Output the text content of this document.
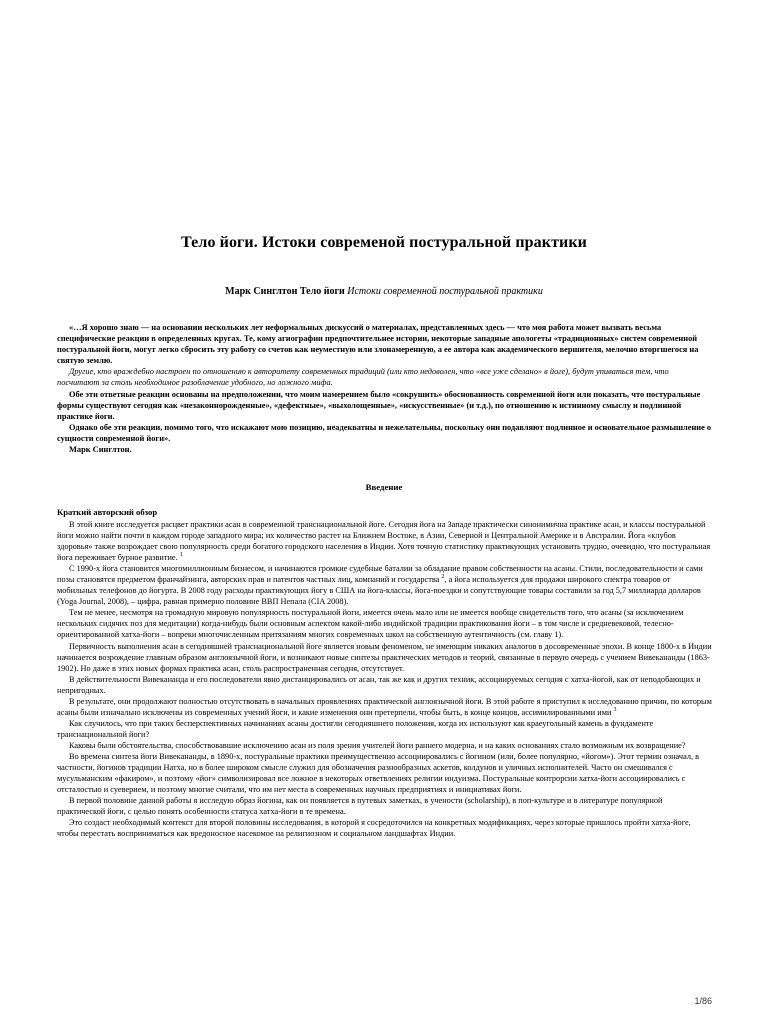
Тело йоги. Истоки современой постуральной практики
Марк Синглтон Тело йоги Истоки современной постуральной практики

«…Я хорошо знаю — на основании нескольких лет неформальных дискуссий о материалах, представленных здесь — что моя работа может вызвать весьма специфические реакции в определенных кругах. Те, кому агиографии предпочтительнее истории, некоторые западные апологеты «традиционных» систем современной постуральной йоги, могут легко сбросить эту работу со счетов как неуместную или злонамеренную, а ее автора как академического вершителя, мелочно вторгшегося на святую землю.

Другие, кто враждебно настроен по отношению к авторитету современных традиций (или кто недоволен, что «все уже сделано» в йоге), будут упиваться тем, что посчитают за столь необходимое разоблачение удобного, но ложного мифа.

Обе эти ответные реакции основаны на предположении, что моим намерением было «сокрушить» обоснованность современной йоги или показать, что постуральные формы существуют сегодня как «незаконнорожденные», «дефектные», «выхолощенные», «искусственные» (и т.д.), по отношению к истинному смыслу и подлинной практике йоги.

Однако обе эти реакции, помимо того, что искажают мою позицию, неадекватны и нежелательны, поскольку они подавляют подлинное и основательное размышление о сущности современной йоги».

Марк Синглтон.

Введение
Краткий авторский обзор

В этой книге исследуется расцвет практики асан в современной транснациональной йоге. Сегодня йога на Западе практически синонимична практике асан, и классы постуральной йоги можно найти почти в каждом городе западного мира; их количество растет на Ближнем Востоке, в Азии, Северной и Центральной Америке и в Австралии. Йога «клубов здоровья» также возрождает свою популярность среди богатого городского населения в Индии. Хотя точную статистику практикующих установить трудно, очевидно, что постуральная йога переживает бурное развитие. $^1$

С 1990-х йога становится многомиллионным бизнесом, и начинаются громкие судебные баталии за обладание правом собственности на асаны. Стили, последовательности и сами позы становятся предметом франчайзинга, авторских прав и патентов частных лиц, компаний и государства $^2$, а йога используется для продажи широкого спектра товаров от мобильных телефонов до йогурта. В 2008 году расходы практикующих йогу в США на йога-классы, йога-поездки и сопутствующие товары составили за год 5,7 миллиарда долларов (Yoga Journal, 2008), – цифра, равная примерно половине ВВП Непала (CIA 2008).

Тем не менее, несмотря на громадную мировую популярность постуральной йоги, имеется очень мало или не имеется вообще свидетельств того, что асаны (за исключением нескольких сидячих поз для медитации) когда-нибудь были основным аспектом какой-либо индийской традиции практикования йоги – в том числе и средневековой, телесно-ориентированной хатха-йоги – вопреки многочисленным притязаниям многих современных школ на собственную аутентичность (см. главу 1).

Первичность выполнения асан в сегодняшней транснациональной йоге является новым феноменом, не имеющим никаких аналогов в досовременные эпохи. В конце 1800-х в Индии начинается возрождение главным образом англоязычной йоги, и возникают новые синтезы практических методов и теорий, связанные в первую очередь с учением Вивекананды (1863-1902). Но даже в этих новых формах практика асан, столь распространенная сегодня, отсутствует.

В действительности Вивекананда и его последователи явно дистанцировались от асан, так же как и других техник, ассоциируемых сегодня с хатха-йогой, как от неподобающих и непригодных.

В результате, они продолжают полностью отсутствовать в начальных проявлениях практической англоязычной йоги. В этой работе я приступил к исследованию причин, по которым асаны были изначально исключены из современных учений йоги, и какие изменения они претерпели, чтобы быть, в конце концов, ассимилированными ими $^3$

Как случилось, что при таких бесперспективных начинаниях асаны достигли сегодняшнего положения, когда их используют как краеугольный камень в фундаменте транснациональной йоги?

Каковы были обстоятельства, способствовавшие исключению асан из поля зрения учителей йоги раннего модерна, и на каких основаниях стало возможным их возвращение?

Во времена синтеза йоги Вивекананды, в 1890-х, постуральные практики преимущественно ассоциировались с йогином (или, более популярно, «йогом»). Этот термин означал, в частности, йогинов традиции Натха, но в более широком смысле служил для обозначения разнообразных аскетов, колдунов и уличных исполнителей. Часто он смешивался с мусульманским «факиром», и поэтому «йог» символизировал все ложное в некоторых ответвлениях религии индуизма. Постуральные контрорсии хатха-йоги ассоциировались с отсталостью и суеверием, и поэтому многие считали, что им нет места в современных научных предприятиях и инициативах йоги.

В первой половине данной работы я исследую образ йогина, как он появляется в путевых заметках, в учености (scholarship), в поп-культуре и в литературе популярной практической йоги, с целью понять особенности статуса хатха-йоги в те времена.

Это создаст необходимый контекст для второй половины исследования, в которой я сосредоточился на конкретных модификациях, через которые пришлось пройти хатха-йоге, чтобы перестать восприниматься как вредоносное насекомое на религиозном и социальном ландшафтах Индии.

1/86
